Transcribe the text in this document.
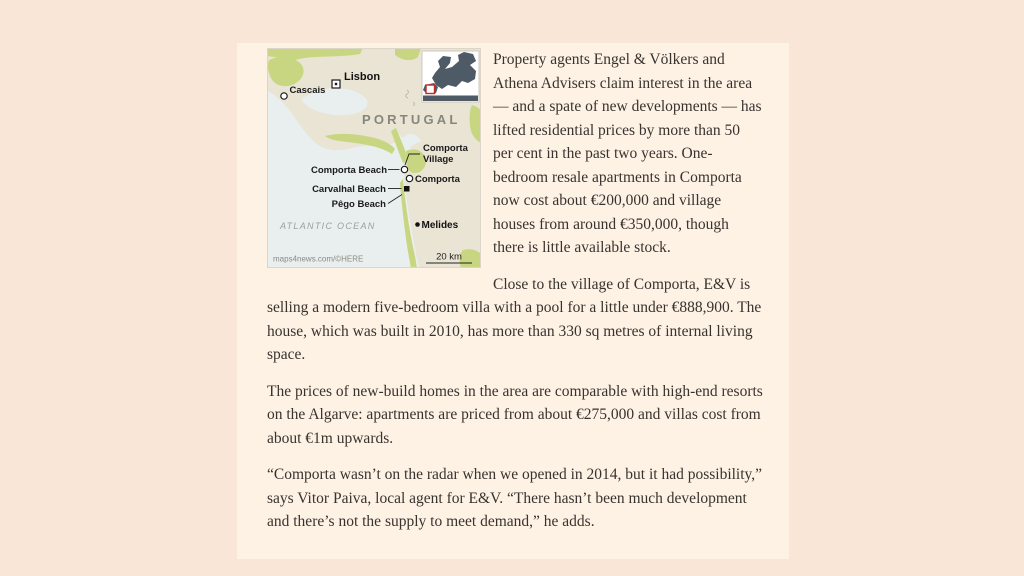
PORTUGAL
ATLANTIC OCEAN
Lisbon
Cascais
Comporta
Village
Comporta Beach
Comporta
Carvalhal Beach
Pêgo Beach
Melides
maps4news.com/©HERE	20 km

Property agents Engel & Völkers and Athena Advisers claim interest in the area — and a spate of new developments — has lifted residential prices by more than 50 per cent in the past two years. One-bedroom resale apartments in Comporta now cost about €200,000 and village houses from around €350,000, though there is little available stock.

Close to the village of Comporta, E&V is selling a modern five-bedroom villa with a pool for a little under €888,900. The house, which was built in 2010, has more than 330 sq metres of internal living space.

The prices of new-build homes in the area are comparable with high-end resorts on the Algarve: apartments are priced from about €275,000 and villas cost from about €1m upwards.

“Comporta wasn’t on the radar when we opened in 2014, but it had possibility,” says Vitor Paiva, local agent for E&V. “There hasn’t been much development and there’s not the supply to meet demand,” he adds.
